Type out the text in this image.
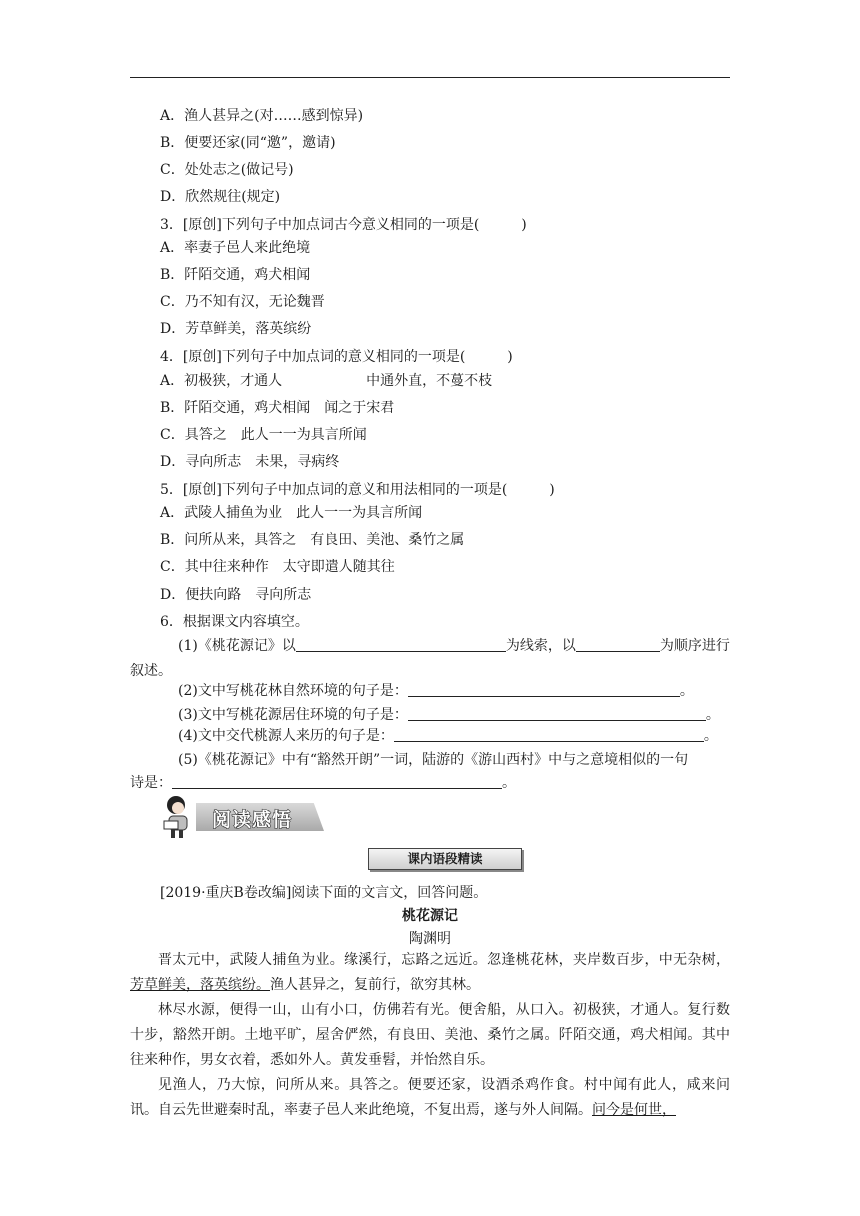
A．渔人甚异之(对……感到惊异)
B．便要还家(同“邀”，邀请)
C．处处志之(做记号)
D．欣然规往(规定)
3．[原创]下列句子中加点词古今意义相同的一项是(　　　)
A．率妻子邑人来此绝境
B．阡陌交通，鸡犬相闻
C．乃不知有汉，无论魏晋
D．芳草鲜美，落英缤纷
4．[原创]下列句子中加点词的意义相同的一项是(　　　)
A．初极狭，才通人　　　　　　中通外直，不蔓不枝
B．阡陌交通，鸡犬相闻　闻之于宋君
C．具答之　此人一一为具言所闻
D．寻向所志　未果，寻病终
5．[原创]下列句子中加点词的意义和用法相同的一项是(　　　)
A．武陵人捕鱼为业　此人一一为具言所闻
B．问所从来，具答之　有良田、美池、桑竹之属
C．其中往来种作　太守即遣人随其往
D．便扶向路　寻向所志
6．根据课文内容填空。
(1)《桃花源记》以	为线索，以	为顺序进行
叙述。
(2)文中写桃花林自然环境的句子是：	。
(3)文中写桃花源居住环境的句子是：	。
(4)文中交代桃源人来历的句子是：	。
(5)《桃花源记》中有“豁然开朗”一词，陆游的《游山西村》中与之意境相似的一句
诗是：	。
阅读感悟
课内语段精读
[2019·重庆B卷改编]阅读下面的文言文，回答问题。
桃花源记
陶渊明

晋太元中，武陵人捕鱼为业。缘溪行，忘路之远近。忽逢桃花林，夹岸数百步，中无杂树，芳草鲜美，落英缤纷。渔人甚异之，复前行，欲穷其林。

林尽水源，便得一山，山有小口，仿佛若有光。便舍船，从口入。初极狭，才通人。复行数十步，豁然开朗。土地平旷，屋舍俨然，有良田、美池、桑竹之属。阡陌交通，鸡犬相闻。其中往来种作，男女衣着，悉如外人。黄发垂髫，并怡然自乐。

见渔人，乃大惊，问所从来。具答之。便要还家，设酒杀鸡作食。村中闻有此人，咸来问讯。自云先世避秦时乱，率妻子邑人来此绝境，不复出焉，遂与外人间隔。问今是何世，
